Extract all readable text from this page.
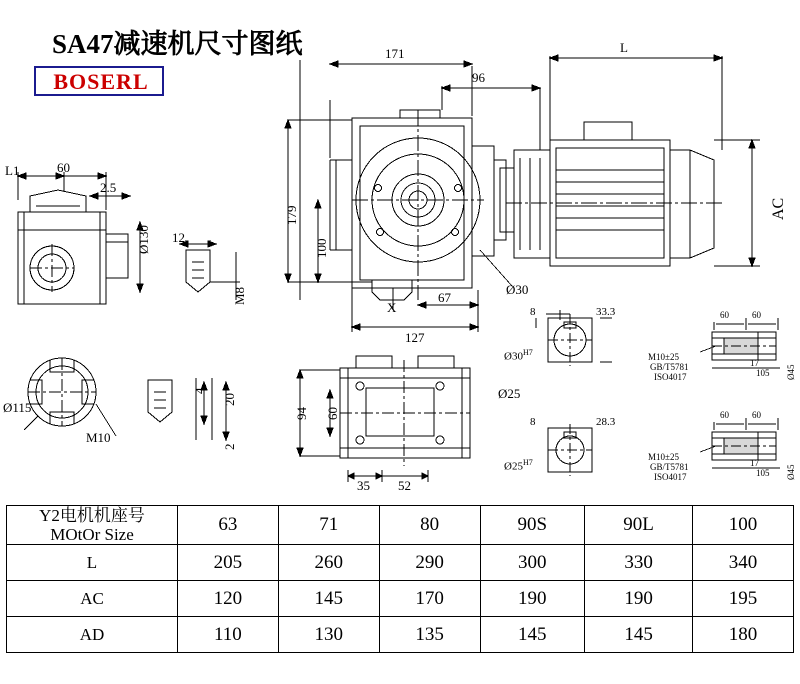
SA47减速机尺寸图纸
BOSERL
171
96
L
179
100
AC
Ø30
X
67
127
L1	60
2.5
Ø130 12
M8
Ø115
M10
4
20
2
94 60
35 52
8	33.3
8	28.3
Ø25
$Ø30^{H7}$
$Ø25^{H7}$
60	60
17
105 Ø45
M10±25
GB/T5781
ISO4017
60	60
17
105 Ø45
M10±25
GB/T5781
ISO4017
Y2电机机座号
MOtOr Size	63	71	80	90S	90L	100
L	205	260	290	300	330	340
AC	120	145	170	190	190	195
AD	110	130	135	145	145	180
